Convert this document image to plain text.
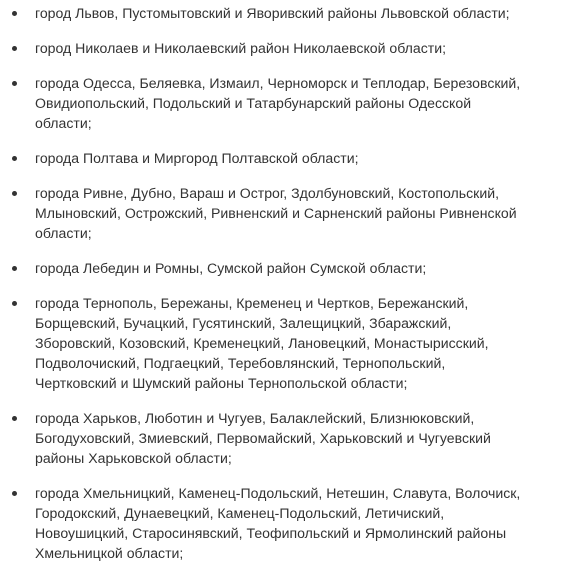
город Львов, Пустомытовский и Яворивский районы Львовской области;
город Николаев и Николаевский район Николаевской области;
города Одесса, Беляевка, Измаил, Черноморск и Теплодар, Березовский,
Овидиопольский, Подольский и Татарбунарский районы Одесской
области;
города Полтава и Миргород Полтавской области;
города Ривне, Дубно, Вараш и Острог, Здолбуновский, Костопольский,
Млыновский, Острожский, Ривненский и Сарненский районы Ривненской
области;
города Лебедин и Ромны, Сумской район Сумской области;
города Тернополь, Бережаны, Кременец и Чертков, Бережанский,
Борщевский, Бучацкий, Гусятинский, Залещицкий, Збаражский,
Зборовский, Козовский, Кременецкий, Лановецкий, Монастырисский,
Подволочиский, Подгаецкий, Теребовлянский, Тернопольский,
Чертковский и Шумский районы Тернопольской области;
города Харьков, Люботин и Чугуев, Балаклейский, Близнюковский,
Богодуховский, Змиевский, Первомайский, Харьковский и Чугуевский
районы Харьковской области;
города Хмельницкий, Каменец-Подольский, Нетешин, Славута, Волочиск,
Городокский, Дунаевецкий, Каменец-Подольский, Летичиский,
Новоушицкий, Старосинявский, Теофипольский и Ярмолинский районы
Хмельницкой области;
